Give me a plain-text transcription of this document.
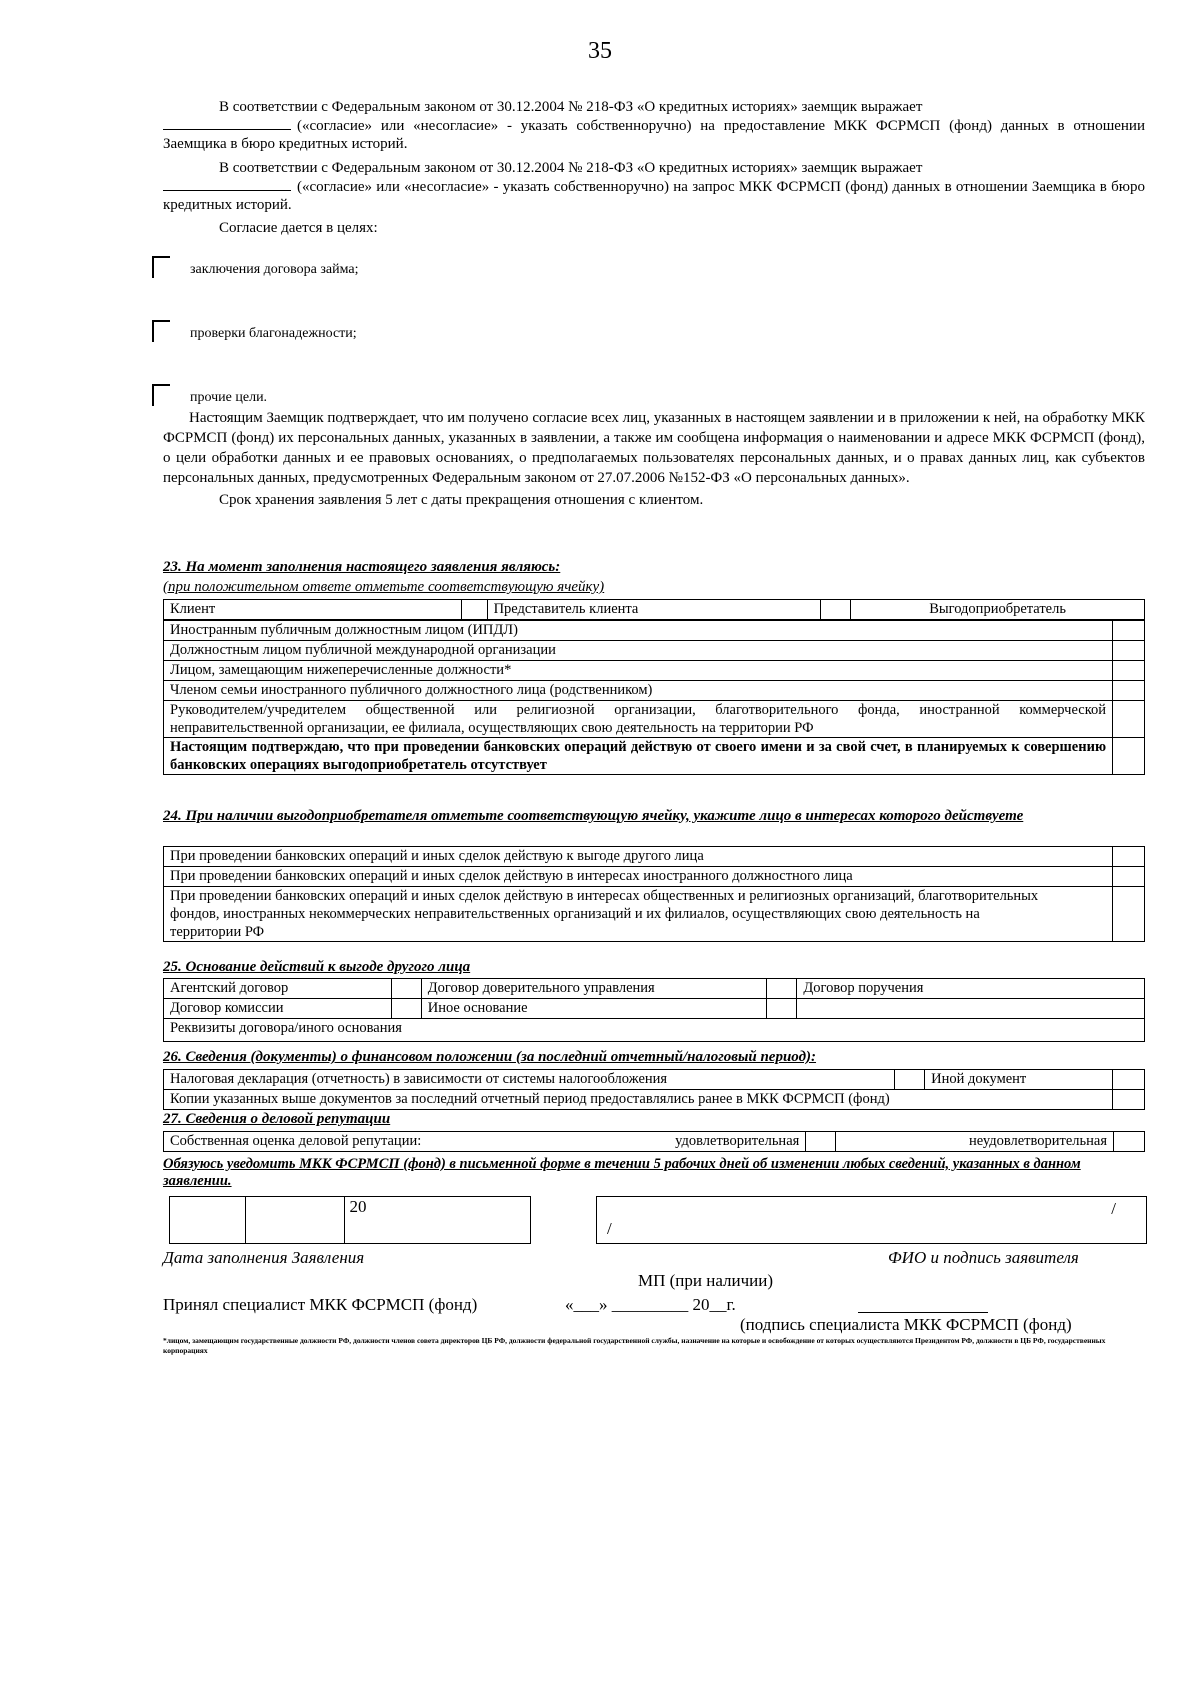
35
В соответствии с Федеральным законом от 30.12.2004 № 218-ФЗ «О кредитных историях» заемщик выражает
(«согласие» или «несогласие» - указать собственноручно) на предоставление МКК ФСРМСП (фонд) данных в отношении Заемщика в бюро кредитных историй.
В соответствии с Федеральным законом от 30.12.2004 № 218-ФЗ «О кредитных историях» заемщик выражает
(«согласие» или «несогласие» - указать собственноручно) на запрос МКК ФСРМСП (фонд) данных в отношении Заемщика в бюро кредитных историй.
Согласие дается в целях:
заключения договора займа;
проверки благонадежности;
прочие цели.
Настоящим Заемщик подтверждает, что им получено согласие всех лиц, указанных в настоящем заявлении и в приложении к ней, на обработку МКК ФСРМСП (фонд) их персональных данных, указанных в заявлении, а также им сообщена информация о наименовании и адресе МКК ФСРМСП (фонд), о цели обработки данных и ее правовых основаниях, о предполагаемых пользователях персональных данных, и о правах данных лиц, как субъектов персональных данных, предусмотренных Федеральным законом от 27.07.2006 №152-ФЗ «О персональных данных».
Срок хранения заявления 5 лет с даты прекращения отношения с клиентом.
23. На момент заполнения настоящего заявления являюсь:
(при положительном ответе отметьте соответствующую ячейку)
Клиент		Представитель клиента		Выгодоприобретатель
Иностранным публичным должностным лицом (ИПДЛ)	
Должностным лицом публичной международной организации	
Лицом, замещающим нижеперечисленные должности*	
Членом семьи иностранного публичного должностного лица (родственником)	
Руководителем/учредителем общественной или религиозной организации, благотворительного фонда, иностранной коммерческой неправительственной организации, ее филиала, осуществляющих свою деятельность на территории РФ	
Настоящим подтверждаю, что при проведении банковских операций действую от своего имени и за свой счет, в планируемых к совершению банковских операциях выгодоприобретатель отсутствует	
24. При наличии выгодоприобретателя отметьте соответствующую ячейку, укажите лицо в интересах которого действуете
При проведении банковских операций и иных сделок действую к выгоде другого лица	
При проведении банковских операций и иных сделок действую в интересах иностранного должностного лица	
При проведении банковских операций и иных сделок действую в интересах общественных и религиозных организаций, благотворительных фондов, иностранных некоммерческих неправительственных организаций и их филиалов, осуществляющих свою деятельность на территории РФ	
25. Основание действий к выгоде другого лица
Агентский договор		Договор доверительного управления		Договор поручения
Договор комиссии		Иное основание		
Реквизиты договора/иного основания				
26. Сведения (документы) о финансовом положении (за последний отчетный/налоговый период):
Налоговая декларация (отчетность) в зависимости от системы налогообложения		Иной документ	
Копии указанных выше документов за последний отчетный период предоставлялись ранее в МКК ФСРМСП (фонд)			
27. Сведения о деловой репутации
Собственная оценка деловой репутации:	удовлетворительная		неудовлетворительная	
Обязуюсь уведомить МКК ФСРМСП (фонд) в письменной форме в течении 5 рабочих дней об изменении любых сведений, указанных в данном заявлении.
		20
/
/
Дата заполнения Заявления	ФИО и подпись заявителя
МП (при наличии)
Принял специалист МКК ФСРМСП (фонд)	«___» _________ 20__г.
(подпись специалиста МКК ФСРМСП (фонд)
*лицом, замещающим государственные должности РФ, должности членов совета директоров ЦБ РФ, должности федеральной государственной службы, назначение на которые и освобождение от которых осуществляются Президентом РФ, должности в ЦБ РФ, государственных корпорациях
